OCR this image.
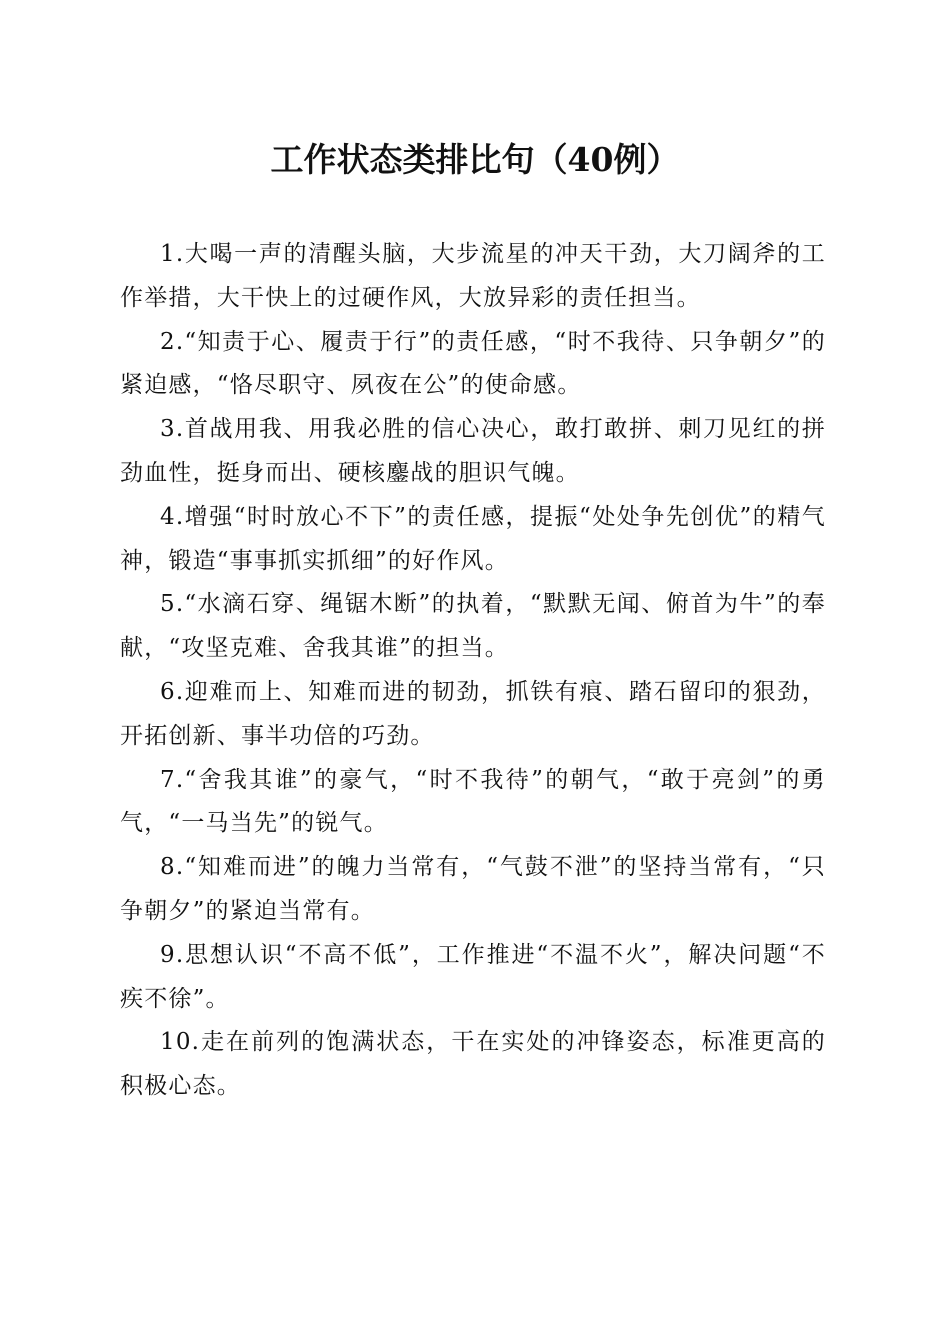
工作状态类排比句（40例）

1.大喝一声的清醒头脑，大步流星的冲天干劲，大刀阔斧的工作举措，大干快上的过硬作风，大放异彩的责任担当。

2.“知责于心、履责于行”的责任感，“时不我待、只争朝夕”的紧迫感，“恪尽职守、夙夜在公”的使命感。

3.首战用我、用我必胜的信心决心，敢打敢拼、刺刀见红的拼劲血性，挺身而出、硬核鏖战的胆识气魄。

4.增强“时时放心不下”的责任感，提振“处处争先创优”的精气神，锻造“事事抓实抓细”的好作风。

5.“水滴石穿、绳锯木断”的执着，“默默无闻、俯首为牛”的奉献，“攻坚克难、舍我其谁”的担当。

6.迎难而上、知难而进的韧劲，抓铁有痕、踏石留印的狠劲，开拓创新、事半功倍的巧劲。

7.“舍我其谁”的豪气，“时不我待”的朝气，“敢于亮剑”的勇气，“一马当先”的锐气。

8.“知难而进”的魄力当常有，“气鼓不泄”的坚持当常有，“只争朝夕”的紧迫当常有。

9.思想认识“不高不低”，工作推进“不温不火”，解决问题“不疾不徐”。

10.走在前列的饱满状态，干在实处的冲锋姿态，标准更高的积极心态。
